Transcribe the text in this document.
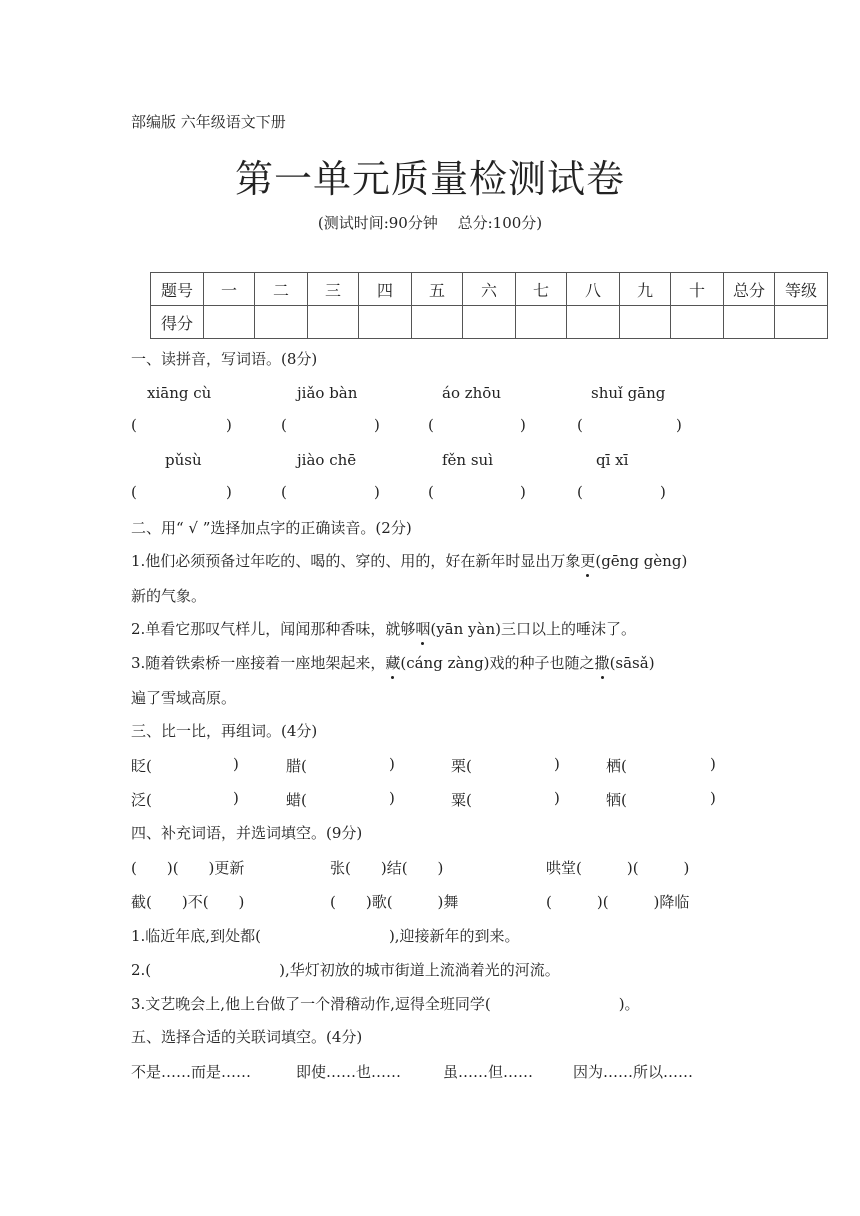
部编版 六年级语文下册
第一单元质量检测试卷
(测试时间:90分钟　 总分:100分)
题号	一	二	三	四	五	六	七	八	九	十	总分	等级
得分												
一、读拼音，写词语。(8分)
xiāng cù	jiǎo bàn	áo zhōu	shuǐ gāng
(	)	(	)	(	)	(	)
pǔsù	jiào chē	fěn suì	qī xī
(	)	(	)	(	)	(	)
二、用“ √ ”选择加点字的正确读音。(2分)
1.他们必须预备过年吃的、喝的、穿的、用的，好在新年时显出万象更(gēng gèng)
新的气象。
2.单看它那叹气样儿，闻闻那种香味，就够咽(yān yàn)三口以上的唾沫了。
3.随着铁索桥一座接着一座地架起来，藏(cáng zàng)戏的种子也随之撒(sāsǎ)
遍了雪域高原。
三、比一比，再组词。(4分)
眨(	)	腊(	)	栗(	)	栖(	)
泛(	)	蜡(	)	粟(	)	牺(	)
四、补充词语，并选词填空。(9分)
(　　)(　　)更新	张(　　)结(　　)	哄堂(　　　)(　　　)
截(　　)不(　　)	(　　)歌(　　　)舞	(　　　)(　　　)降临
1.临近年底,到处都(	),迎接新年的到来。
2.(	),华灯初放的城市街道上流淌着光的河流。
3.文艺晚会上,他上台做了一个滑稽动作,逗得全班同学(	)。
五、选择合适的关联词填空。(4分)
不是……而是……	即使……也……	虽……但……	因为……所以……
